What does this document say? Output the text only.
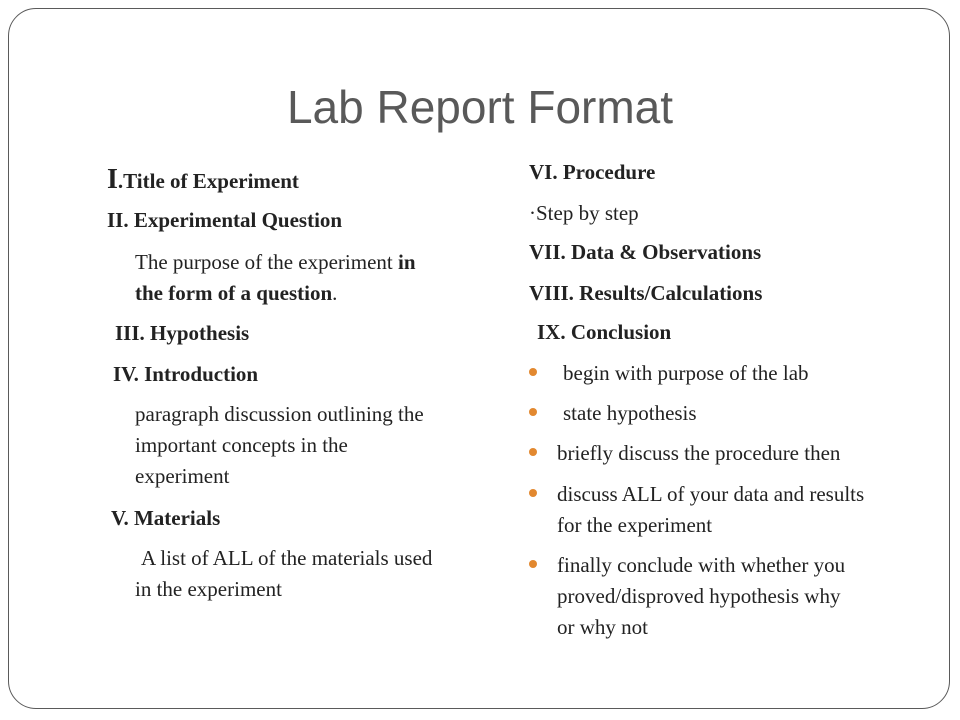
Lab Report Format
I.Title of Experiment
II. Experimental Question
The purpose of the experiment in
the form of a question.
III. Hypothesis
IV. Introduction
paragraph discussion outlining the
important concepts in the
experiment
V. Materials
A list of ALL of the materials used
in the experiment
VI. Procedure
·Step by step
VII. Data & Observations
VIII. Results/Calculations
IX. Conclusion
begin with purpose of the lab
state hypothesis
briefly discuss the procedure then
discuss ALL of your data and results
for the experiment
finally conclude with whether you
proved/disproved hypothesis why
or why not
